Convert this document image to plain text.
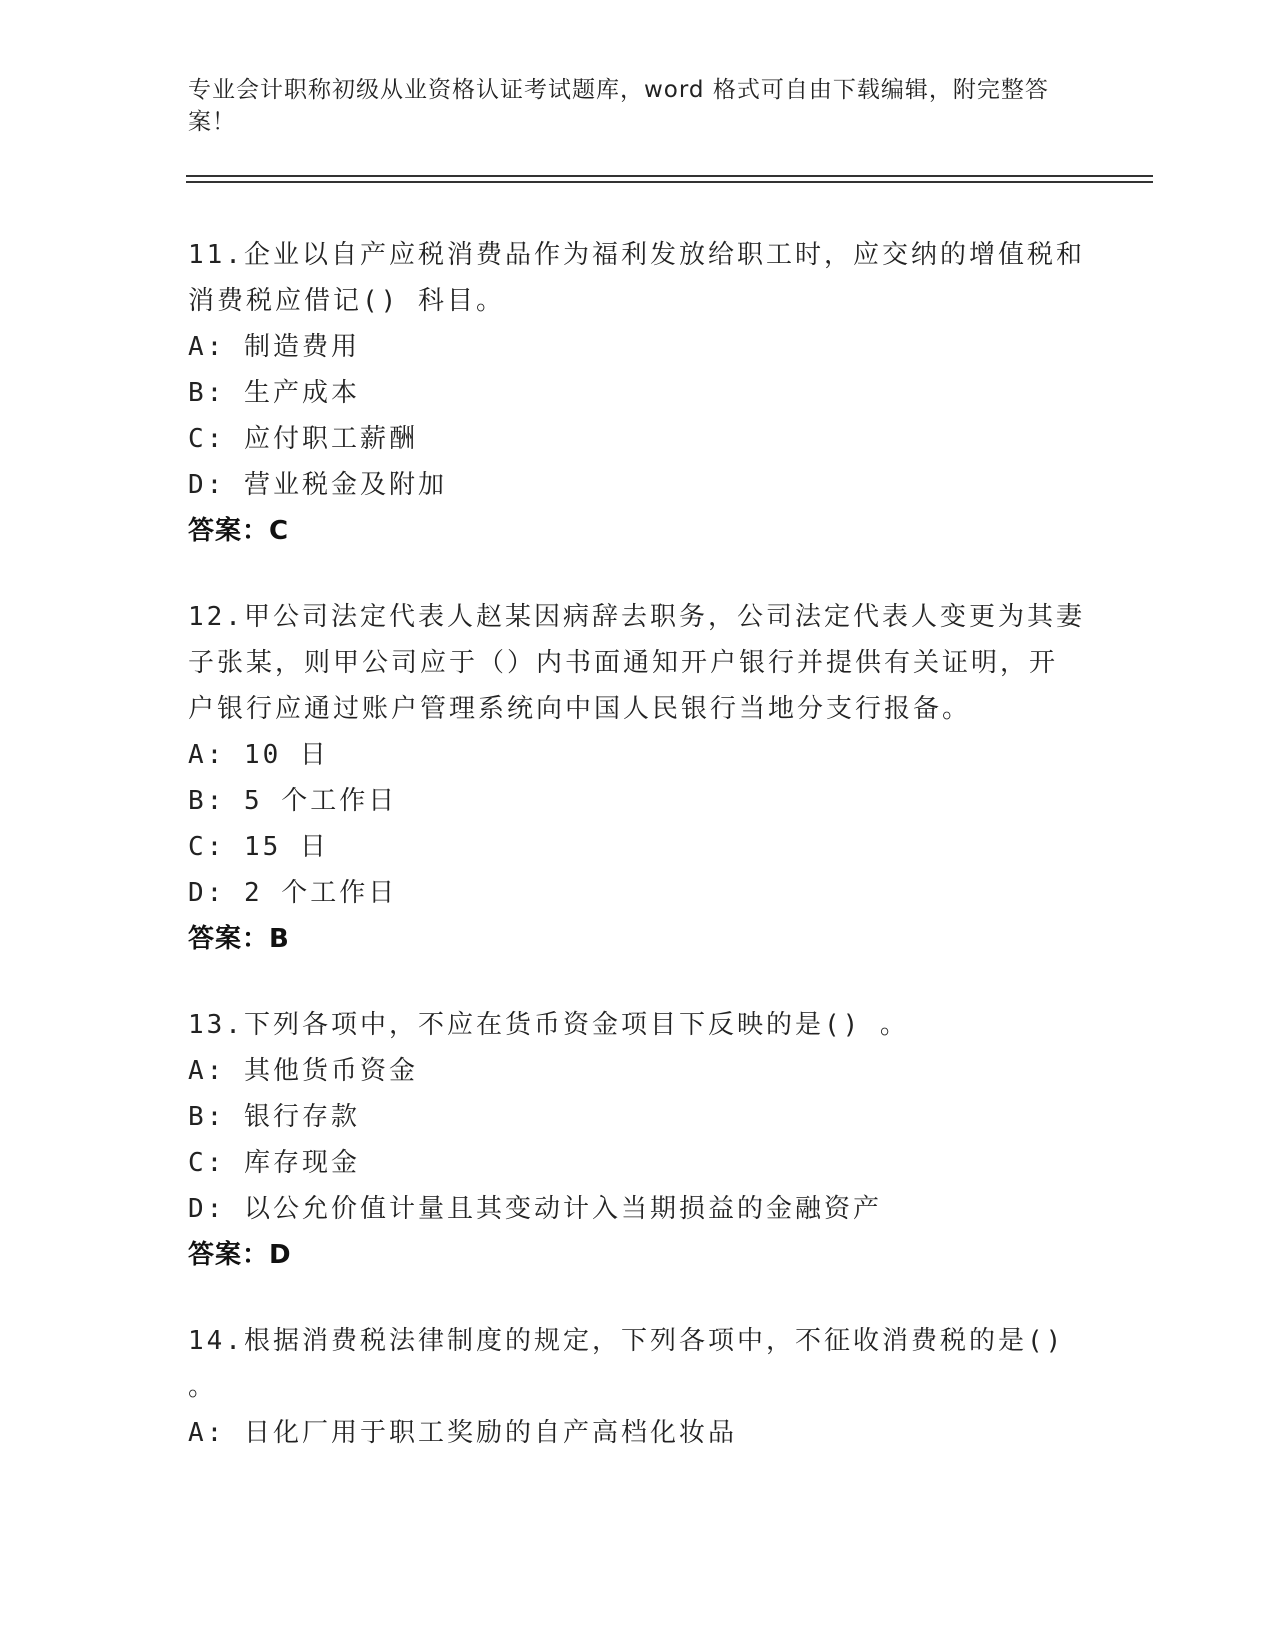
专业会计职称初级从业资格认证考试题库，word 格式可自由下载编辑，附完整答
案！

11.企业以自产应税消费品作为福利发放给职工时，应交纳的增值税和

消费税应借记() 科目。

A: 制造费用

B: 生产成本

C: 应付职工薪酬

D: 营业税金及附加

答案：C

12.甲公司法定代表人赵某因病辞去职务，公司法定代表人变更为其妻

子张某，则甲公司应于（）内书面通知开户银行并提供有关证明，开

户银行应通过账户管理系统向中国人民银行当地分支行报备。

A: 10 日

B: 5 个工作日

C: 15 日

D: 2 个工作日

答案：B

13.下列各项中，不应在货币资金项目下反映的是() 。

A: 其他货币资金

B: 银行存款

C: 库存现金

D: 以公允价值计量且其变动计入当期损益的金融资产

答案：D

14.根据消费税法律制度的规定，下列各项中，不征收消费税的是()

。

A: 日化厂用于职工奖励的自产高档化妆品
